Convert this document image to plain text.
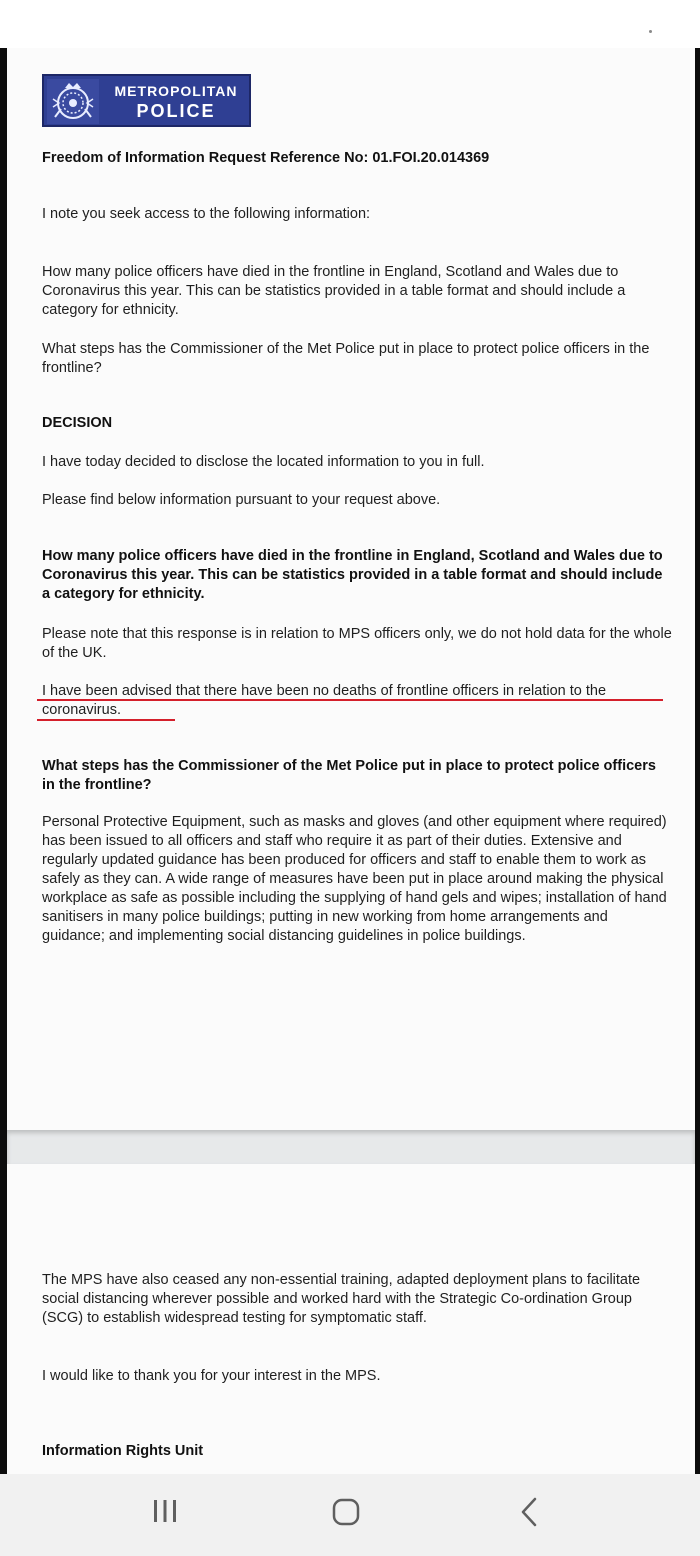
METROPOLITAN
POLICE

Freedom of Information Request Reference No: 01.FOI.20.014369

I note you seek access to the following information:

How many police officers have died in the frontline in England, Scotland and Wales due to Coronavirus this year. This can be statistics provided in a table format and should include a category for ethnicity.

What steps has the Commissioner of the Met Police put in place to protect police officers in the frontline?

DECISION

I have today decided to disclose the located information to you in full.

Please find below information pursuant to your request above.

How many police officers have died in the frontline in England, Scotland and Wales due to Coronavirus this year. This can be statistics provided in a table format and should include a category for ethnicity.

Please note that this response is in relation to MPS officers only, we do not hold data for the whole of the UK.

I have been advised that there have been no deaths of frontline officers in relation to the coronavirus.

What steps has the Commissioner of the Met Police put in place to protect police officers in the frontline?

Personal Protective Equipment, such as masks and gloves (and other equipment where required) has been issued to all officers and staff who require it as part of their duties. Extensive and regularly updated guidance has been produced for officers and staff to enable them to work as safely as they can. A wide range of measures have been put in place around making the physical workplace as safe as possible including the supplying of hand gels and wipes; installation of hand sanitisers in many police buildings; putting in new working from home arrangements and guidance; and implementing social distancing guidelines in police buildings.

The MPS have also ceased any non-essential training, adapted deployment plans to facilitate social distancing wherever possible and worked hard with the Strategic Co-ordination Group (SCG) to establish widespread testing for symptomatic staff.

I would like to thank you for your interest in the MPS.

Information Rights Unit
